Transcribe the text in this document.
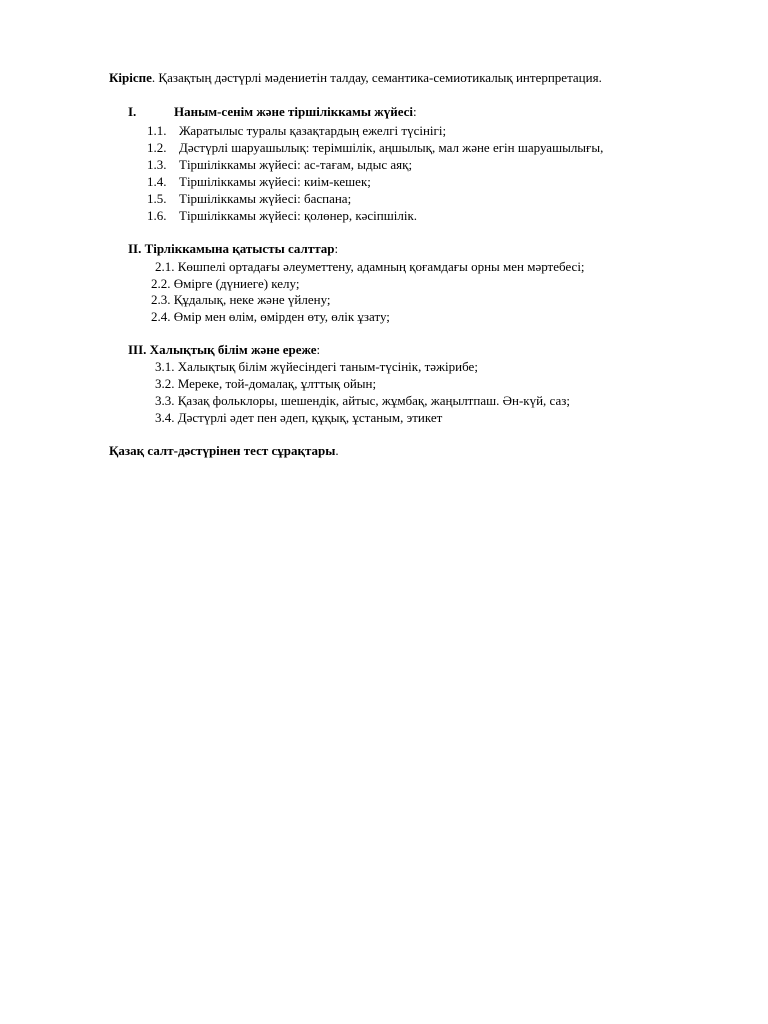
Кіріспе. Қазақтың дәстүрлі мәдениетін талдау, семантика-семиотикалық интерпретация.
I.	Наным-сенім және тіршіліккамы жүйесі:
1.1. Жаратылыс туралы қазақтардың ежелгі түсінігі;
1.2. Дәстүрлі шаруашылық: терімшілік, аңшылық, мал және егін шаруашылығы,
1.3. Тіршіліккамы жүйесі: ас-тағам, ыдыс аяқ;
1.4. Тіршіліккамы жүйесі: киім-кешек;
1.5. Тіршіліккамы жүйесі: баспана;
1.6. Тіршіліккамы жүйесі: қолөнер, кәсіпшілік.
II. Тірліккамына қатысты салттар:
2.1. Көшпелі ортадағы әлеуметтену, адамның қоғамдағы орны мен мәртебесі;
2.2. Өмірге (дүниеге) келу;
2.3. Құдалық, неке және үйлену;
2.4. Өмір мен өлім, өмірден өту, өлік ұзату;
III. Халықтық білім және ереже:
3.1. Халықтық білім жүйесіндегі таным-түсінік, тәжірибе;
3.2. Мереке, той-домалақ, ұлттық ойын;
3.3. Қазақ фольклоры, шешендік, айтыс, жұмбақ, жаңылтпаш. Ән-күй, саз;
3.4. Дәстүрлі әдет пен әдеп, құқық, ұстаным, этикет
Қазақ салт-дәстүрінен тест сұрақтары.
